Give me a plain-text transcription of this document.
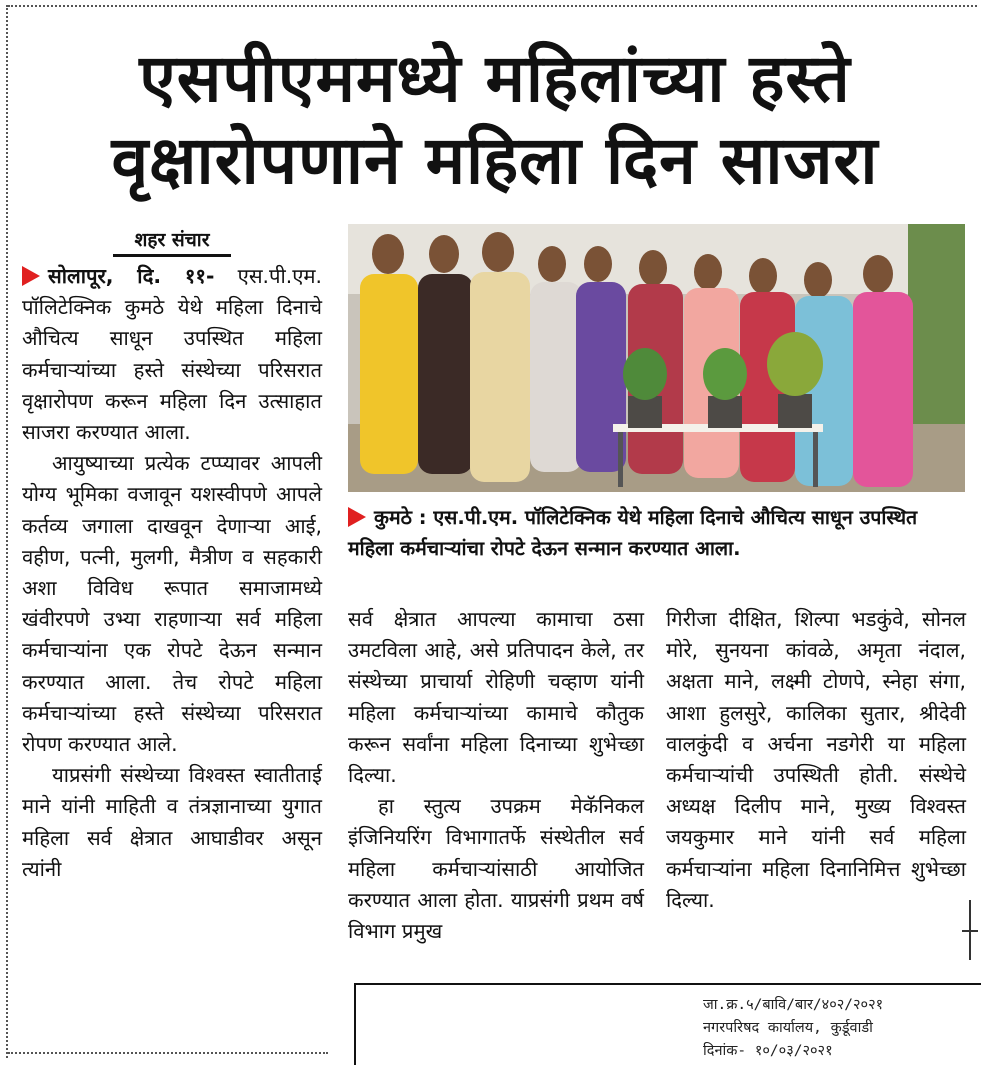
एसपीएममध्ये महिलांच्या हस्ते
वृक्षारोपणाने महिला दिन साजरा
शहर संचार

सोलापूर, दि. ११- एस.पी.एम. पॉलिटेक्निक कुमठे येथे महिला दिनाचे औचित्य साधून उपस्थित महिला कर्मचाऱ्यांच्या हस्ते संस्थेच्या परिसरात वृक्षारोपण करून महिला दिन उत्साहात साजरा करण्यात आला.

आयुष्याच्या प्रत्येक टप्प्यावर आपली योग्य भूमिका वजावून यशस्वीपणे आपले कर्तव्य जगाला दाखवून देणाऱ्या आई, वहीण, पत्नी, मुलगी, मैत्रीण व सहकारी अशा विविध रूपात समाजामध्ये खंवीरपणे उभ्या राहणाऱ्या सर्व महिला कर्मचाऱ्यांना एक रोपटे देऊन सन्मान करण्यात आला. तेच रोपटे महिला कर्मचाऱ्यांच्या हस्ते संस्थेच्या परिसरात रोपण करण्यात आले.

याप्रसंगी संस्थेच्या विश्वस्त स्वातीताई माने यांनी माहिती व तंत्रज्ञानाच्या युगात महिला सर्व क्षेत्रात आघाडीवर असून त्यांनी

कुमठे : एस.पी.एम. पॉलिटेक्निक येथे महिला दिनाचे औचित्य साधून उपस्थित महिला कर्मचाऱ्यांचा रोपटे देऊन सन्मान करण्यात आला.

सर्व क्षेत्रात आपल्या कामाचा ठसा उमटविला आहे, असे प्रतिपादन केले, तर संस्थेच्या प्राचार्या रोहिणी चव्हाण यांनी महिला कर्मचाऱ्यांच्या कामाचे कौतुक करून सर्वांना महिला दिनाच्या शुभेच्छा दिल्या.

हा स्तुत्य उपक्रम मेकॅनिकल इंजिनियरिंग विभागातर्फे संस्थेतील सर्व महिला कर्मचाऱ्यांसाठी आयोजित करण्यात आला होता. याप्रसंगी प्रथम वर्ष विभाग प्रमुख

गिरीजा दीक्षित, शिल्पा भडकुंवे, सोनल मोरे, सुनयना कांवळे, अमृता नंदाल, अक्षता माने, लक्ष्मी टोणपे, स्नेहा संगा, आशा हुलसुरे, कालिका सुतार, श्रीदेवी वालकुंदी व अर्चना नडगेरी या महिला कर्मचाऱ्यांची उपस्थिती होती. संस्थेचे अध्यक्ष दिलीप माने, मुख्य विश्वस्त जयकुमार माने यांनी सर्व महिला कर्मचाऱ्यांना महिला दिनानिमित्त शुभेच्छा दिल्या.

जा.क्र.५/बावि/बार/४०२/२०२१
नगरपरिषद कार्यालय, कुर्डूवाडी
दिनांक- १०/०३/२०२१
